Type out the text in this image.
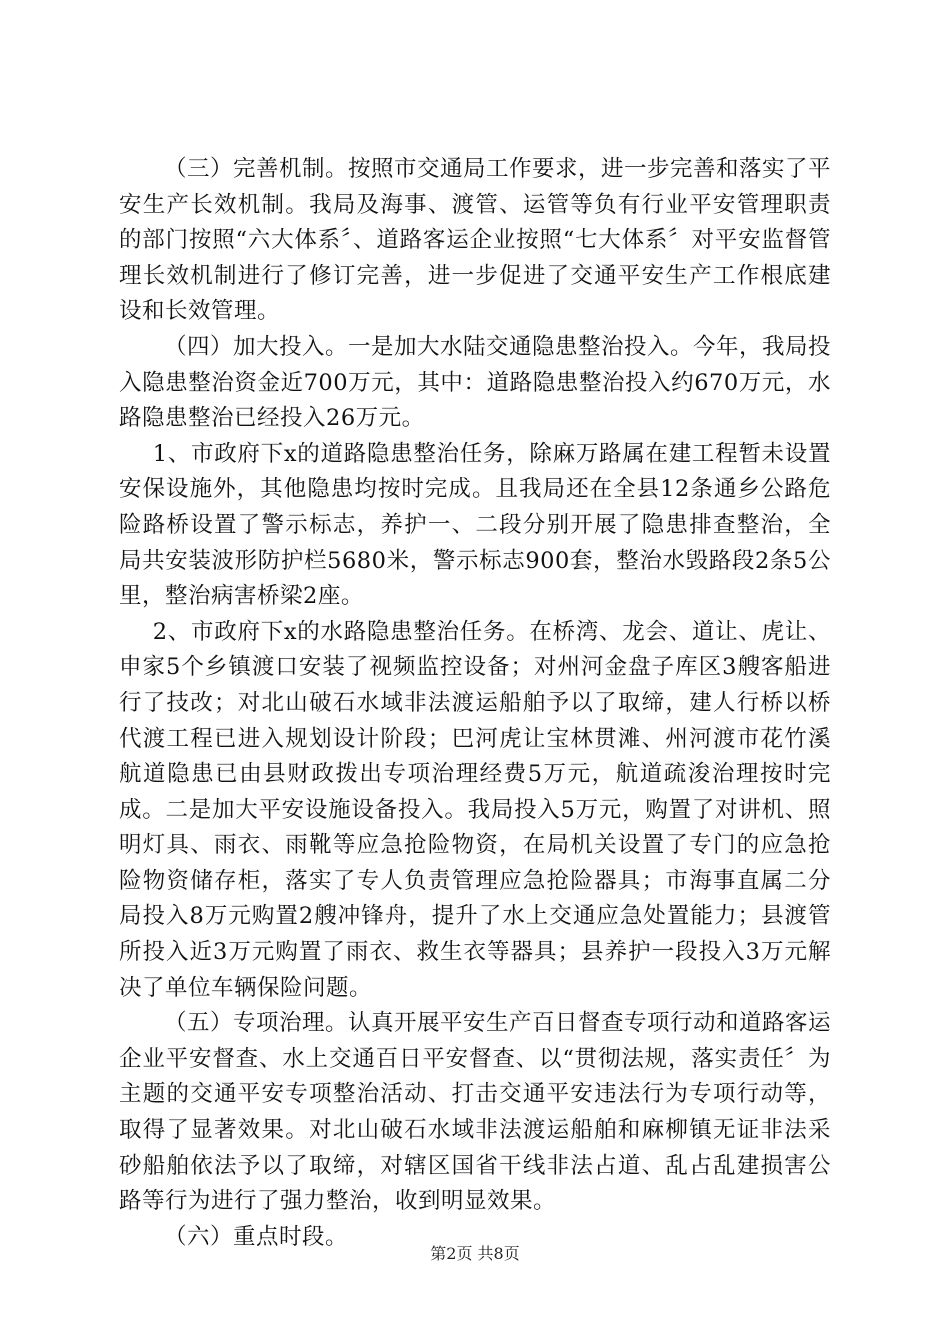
（三）完善机制。按照市交通局工作要求，进一步完善和落实了平安生产长效机制。我局及海事、渡管、运管等负有行业平安管理职责的部门按照“六大体系〞、道路客运企业按照“七大体系〞对平安监督管理长效机制进行了修订完善，进一步促进了交通平安生产工作根底建设和长效管理。

（四）加大投入。一是加大水陆交通隐患整治投入。今年，我局投入隐患整治资金近700万元，其中：道路隐患整治投入约670万元，水路隐患整治已经投入26万元。

1、市政府下x的道路隐患整治任务，除麻万路属在建工程暂未设置安保设施外，其他隐患均按时完成。且我局还在全县12条通乡公路危险路桥设置了警示标志，养护一、二段分别开展了隐患排查整治，全局共安装波形防护栏5680米，警示标志900套，整治水毁路段2条5公里，整治病害桥梁2座。

2、市政府下x的水路隐患整治任务。在桥湾、龙会、道让、虎让、申家5个乡镇渡口安装了视频监控设备；对州河金盘子库区3艘客船进行了技改；对北山破石水域非法渡运船舶予以了取缔，建人行桥以桥代渡工程已进入规划设计阶段；巴河虎让宝林贯滩、州河渡市花竹溪航道隐患已由县财政拨出专项治理经费5万元，航道疏浚治理按时完成。二是加大平安设施设备投入。我局投入5万元，购置了对讲机、照明灯具、雨衣、雨靴等应急抢险物资，在局机关设置了专门的应急抢险物资储存柜，落实了专人负责管理应急抢险器具；市海事直属二分局投入8万元购置2艘冲锋舟，提升了水上交通应急处置能力；县渡管所投入近3万元购置了雨衣、救生衣等器具；县养护一段投入3万元解决了单位车辆保险问题。

（五）专项治理。认真开展平安生产百日督查专项行动和道路客运企业平安督查、水上交通百日平安督查、以“贯彻法规，落实责任〞为主题的交通平安专项整治活动、打击交通平安违法行为专项行动等，取得了显著效果。对北山破石水域非法渡运船舶和麻柳镇无证非法采砂船舶依法予以了取缔，对辖区国省干线非法占道、乱占乱建损害公路等行为进行了强力整治，收到明显效果。

（六）重点时段。

第2页 共8页
